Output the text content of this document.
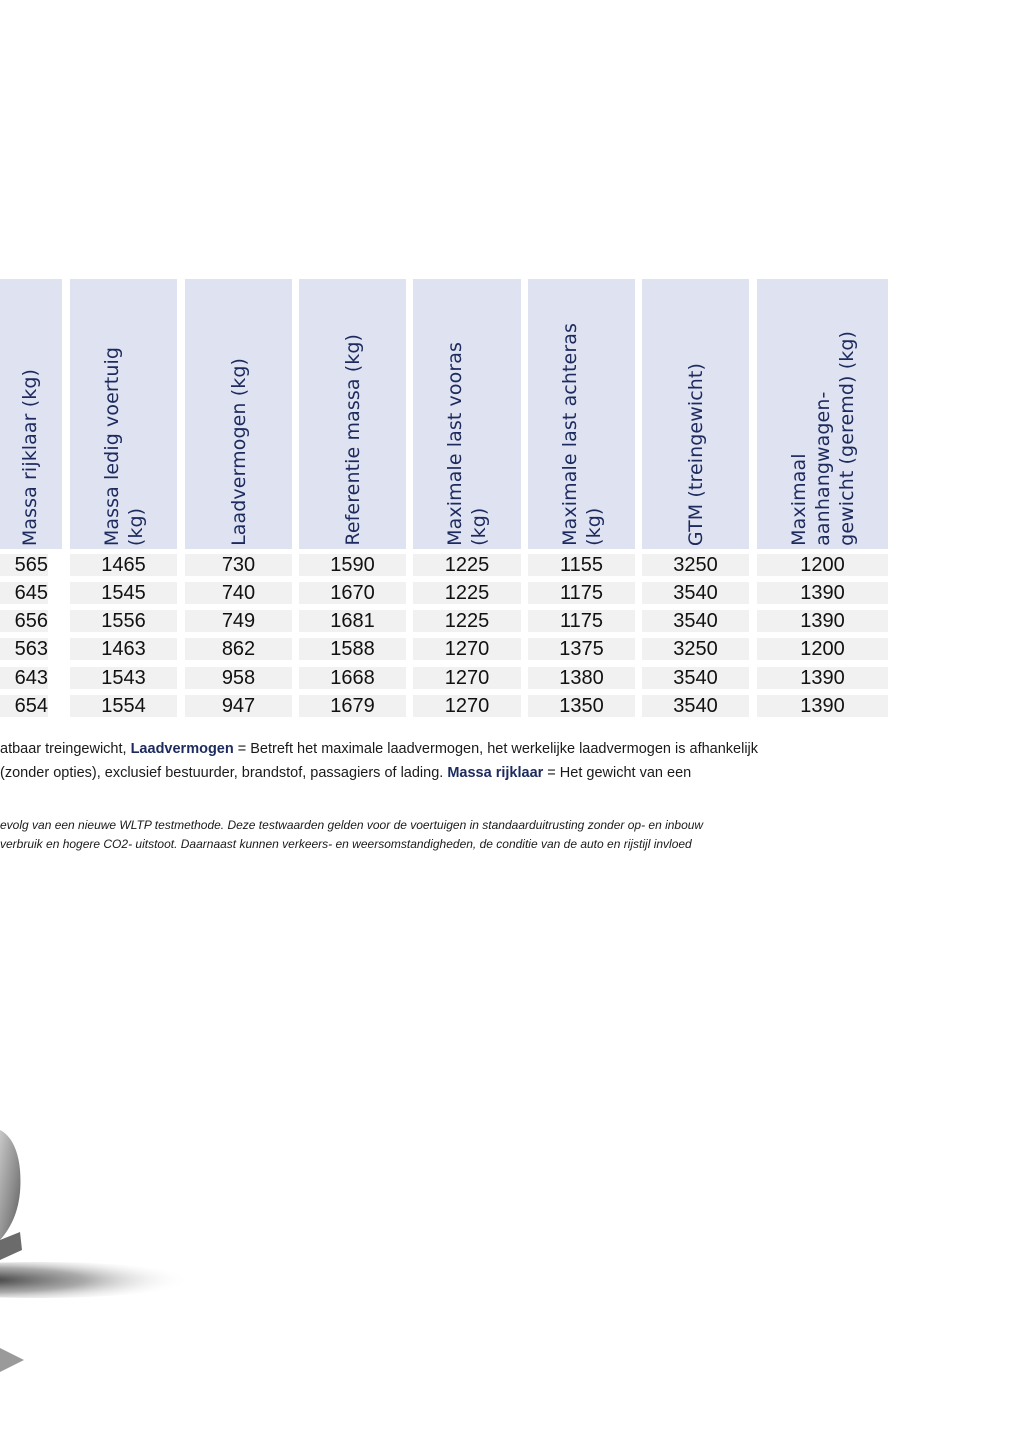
Massa rijklaar (kg)	Massa ledig voertuig
(kg)	Laadvermogen (kg)	Referentie massa (kg)	Maximale last vooras
(kg)	Maximale last achteras
(kg)	GTM (treingewicht)	Maximaal
aanhangwagen-
gewicht (geremd) (kg)
565	1465	730	1590	1225	1155	3250	1200
645	1545	740	1670	1225	1175	3540	1390
656	1556	749	1681	1225	1175	3540	1390
563	1463	862	1588	1270	1375	3250	1200
643	1543	958	1668	1270	1380	3540	1390
654	1554	947	1679	1270	1350	3540	1390
atbaar treingewicht, Laadvermogen = Betreft het maximale laadvermogen, het werkelijke laadvermogen is afhankelijk
(zonder opties), exclusief bestuurder, brandstof, passagiers of lading. Massa rijklaar = Het gewicht van een
evolg van een nieuwe WLTP testmethode. Deze testwaarden gelden voor de voertuigen in standaarduitrusting zonder op- en inbouw
verbruik en hogere CO2- uitstoot. Daarnaast kunnen verkeers- en weersomstandigheden, de conditie van de auto en rijstijl invloed
